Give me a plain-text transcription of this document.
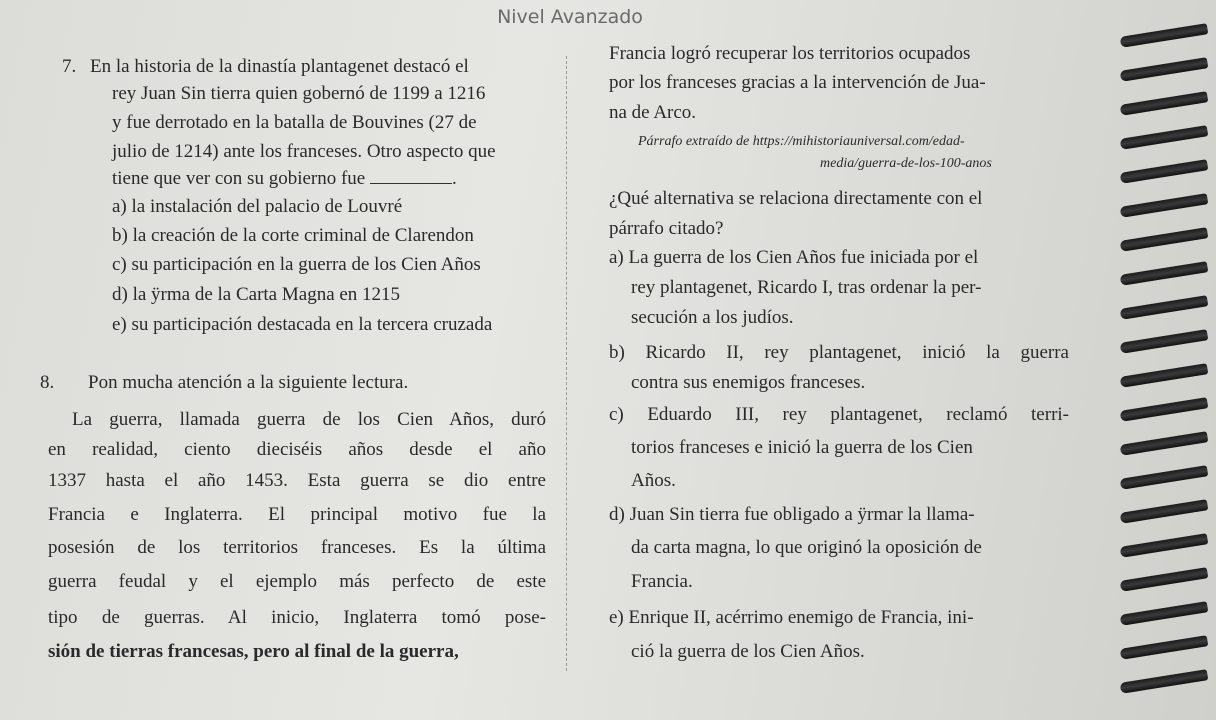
Nivel Avanzado
7. En la historia de la dinastía plantagenet destacó el
rey Juan Sin tierra quien gobernó de 1199 a 1216
y fue derrotado en la batalla de Bouvines (27 de
julio de 1214) ante los franceses. Otro aspecto que
tiene que ver con su gobierno fue	.
a) la instalación del palacio de Louvré
b) la creación de la corte criminal de Clarendon
c) su participación en la guerra de los Cien Años
d) la ÿrma de la Carta Magna en 1215
e) su participación destacada en la tercera cruzada
8. Pon mucha atención a la siguiente lectura.
La guerra, llamada guerra de los Cien Años, duró
en realidad, ciento dieciséis años desde el año
1337 hasta el año 1453. Esta guerra se dio entre
Francia e Inglaterra. El principal motivo fue la
posesión de los territorios franceses. Es la última
guerra feudal y el ejemplo más perfecto de este
tipo de guerras. Al inicio, Inglaterra tomó pose-
sión de tierras francesas, pero al final de la guerra,
Francia logró recuperar los territorios ocupados
por los franceses gracias a la intervención de Jua-
na de Arco.
Párrafo extraído de https://mihistoriauniversal.com/edad-
media/guerra-de-los-100-anos
¿Qué alternativa se relaciona directamente con el
párrafo citado?
a) La guerra de los Cien Años fue iniciada por el
rey plantagenet, Ricardo I, tras ordenar la per-
secución a los judíos.
b) Ricardo II, rey plantagenet, inició la guerra
contra sus enemigos franceses.
c) Eduardo III, rey plantagenet, reclamó terri-
torios franceses e inició la guerra de los Cien
Años.
d) Juan Sin tierra fue obligado a ÿrmar la llama-
da carta magna, lo que originó la oposición de
Francia.
e) Enrique II, acérrimo enemigo de Francia, ini-
ció la guerra de los Cien Años.
